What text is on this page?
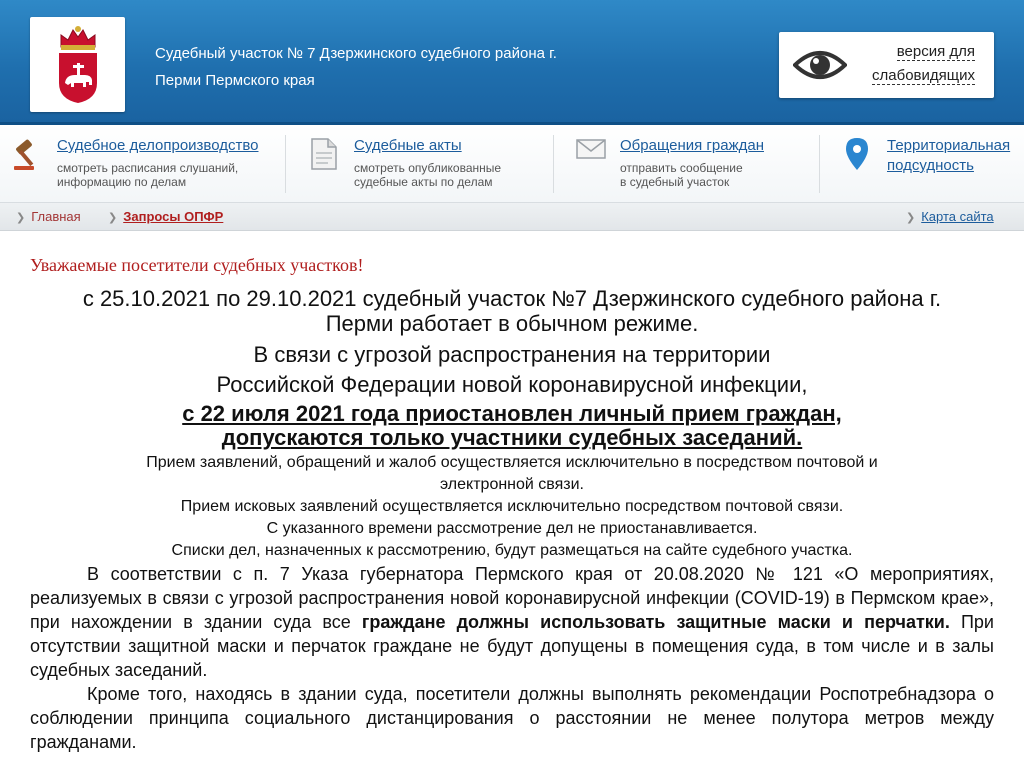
Судебный участок № 7 Дзержинского судебного района г.
Перми Пермского края
версия для
слабовидящих
Судебное делопроизводство
смотреть расписания слушаний,
информацию по делам
Судебные акты
смотреть опубликованные
судебные акты по делам
Обращения граждан
отправить сообщение
в судебный участок
Территориальная
подсудность
❯ Главная ❯ Запросы ОПФР	❯ Карта сайта
Уважаемые посетители судебных участков!
с 25.10.2021 по 29.10.2021 судебный участок №7 Дзержинского судебного района г.
Перми работает в обычном режиме.
В связи с угрозой распространения на территории
Российской Федерации новой коронавирусной инфекции,
с 22 июля 2021 года приостановлен личный прием граждан,
допускаются только участники судебных заседаний.
Прием заявлений, обращений и жалоб осуществляется исключительно в посредством почтовой и
электронной связи.
Прием исковых заявлений осуществляется исключительно посредством почтовой связи.
С указанного времени рассмотрение дел не приостанавливается.
Списки дел, назначенных к рассмотрению, будут размещаться на сайте судебного участка.

В соответствии с п. 7 Указа губернатора Пермского края от 20.08.2020 № 121 «О мероприятиях, реализуемых в связи с угрозой распространения новой коронавирусной инфекции (COVID-19) в Пермском крае», при нахождении в здании суда все граждане должны использовать защитные маски и перчатки. При отсутствии защитной маски и перчаток граждане не будут допущены в помещения суда, в том числе и в залы судебных заседаний.

Кроме того, находясь в здании суда, посетители должны выполнять рекомендации Роспотребнадзора о соблюдении принципа социального дистанцирования о расстоянии не менее полутора метров между гражданами.
